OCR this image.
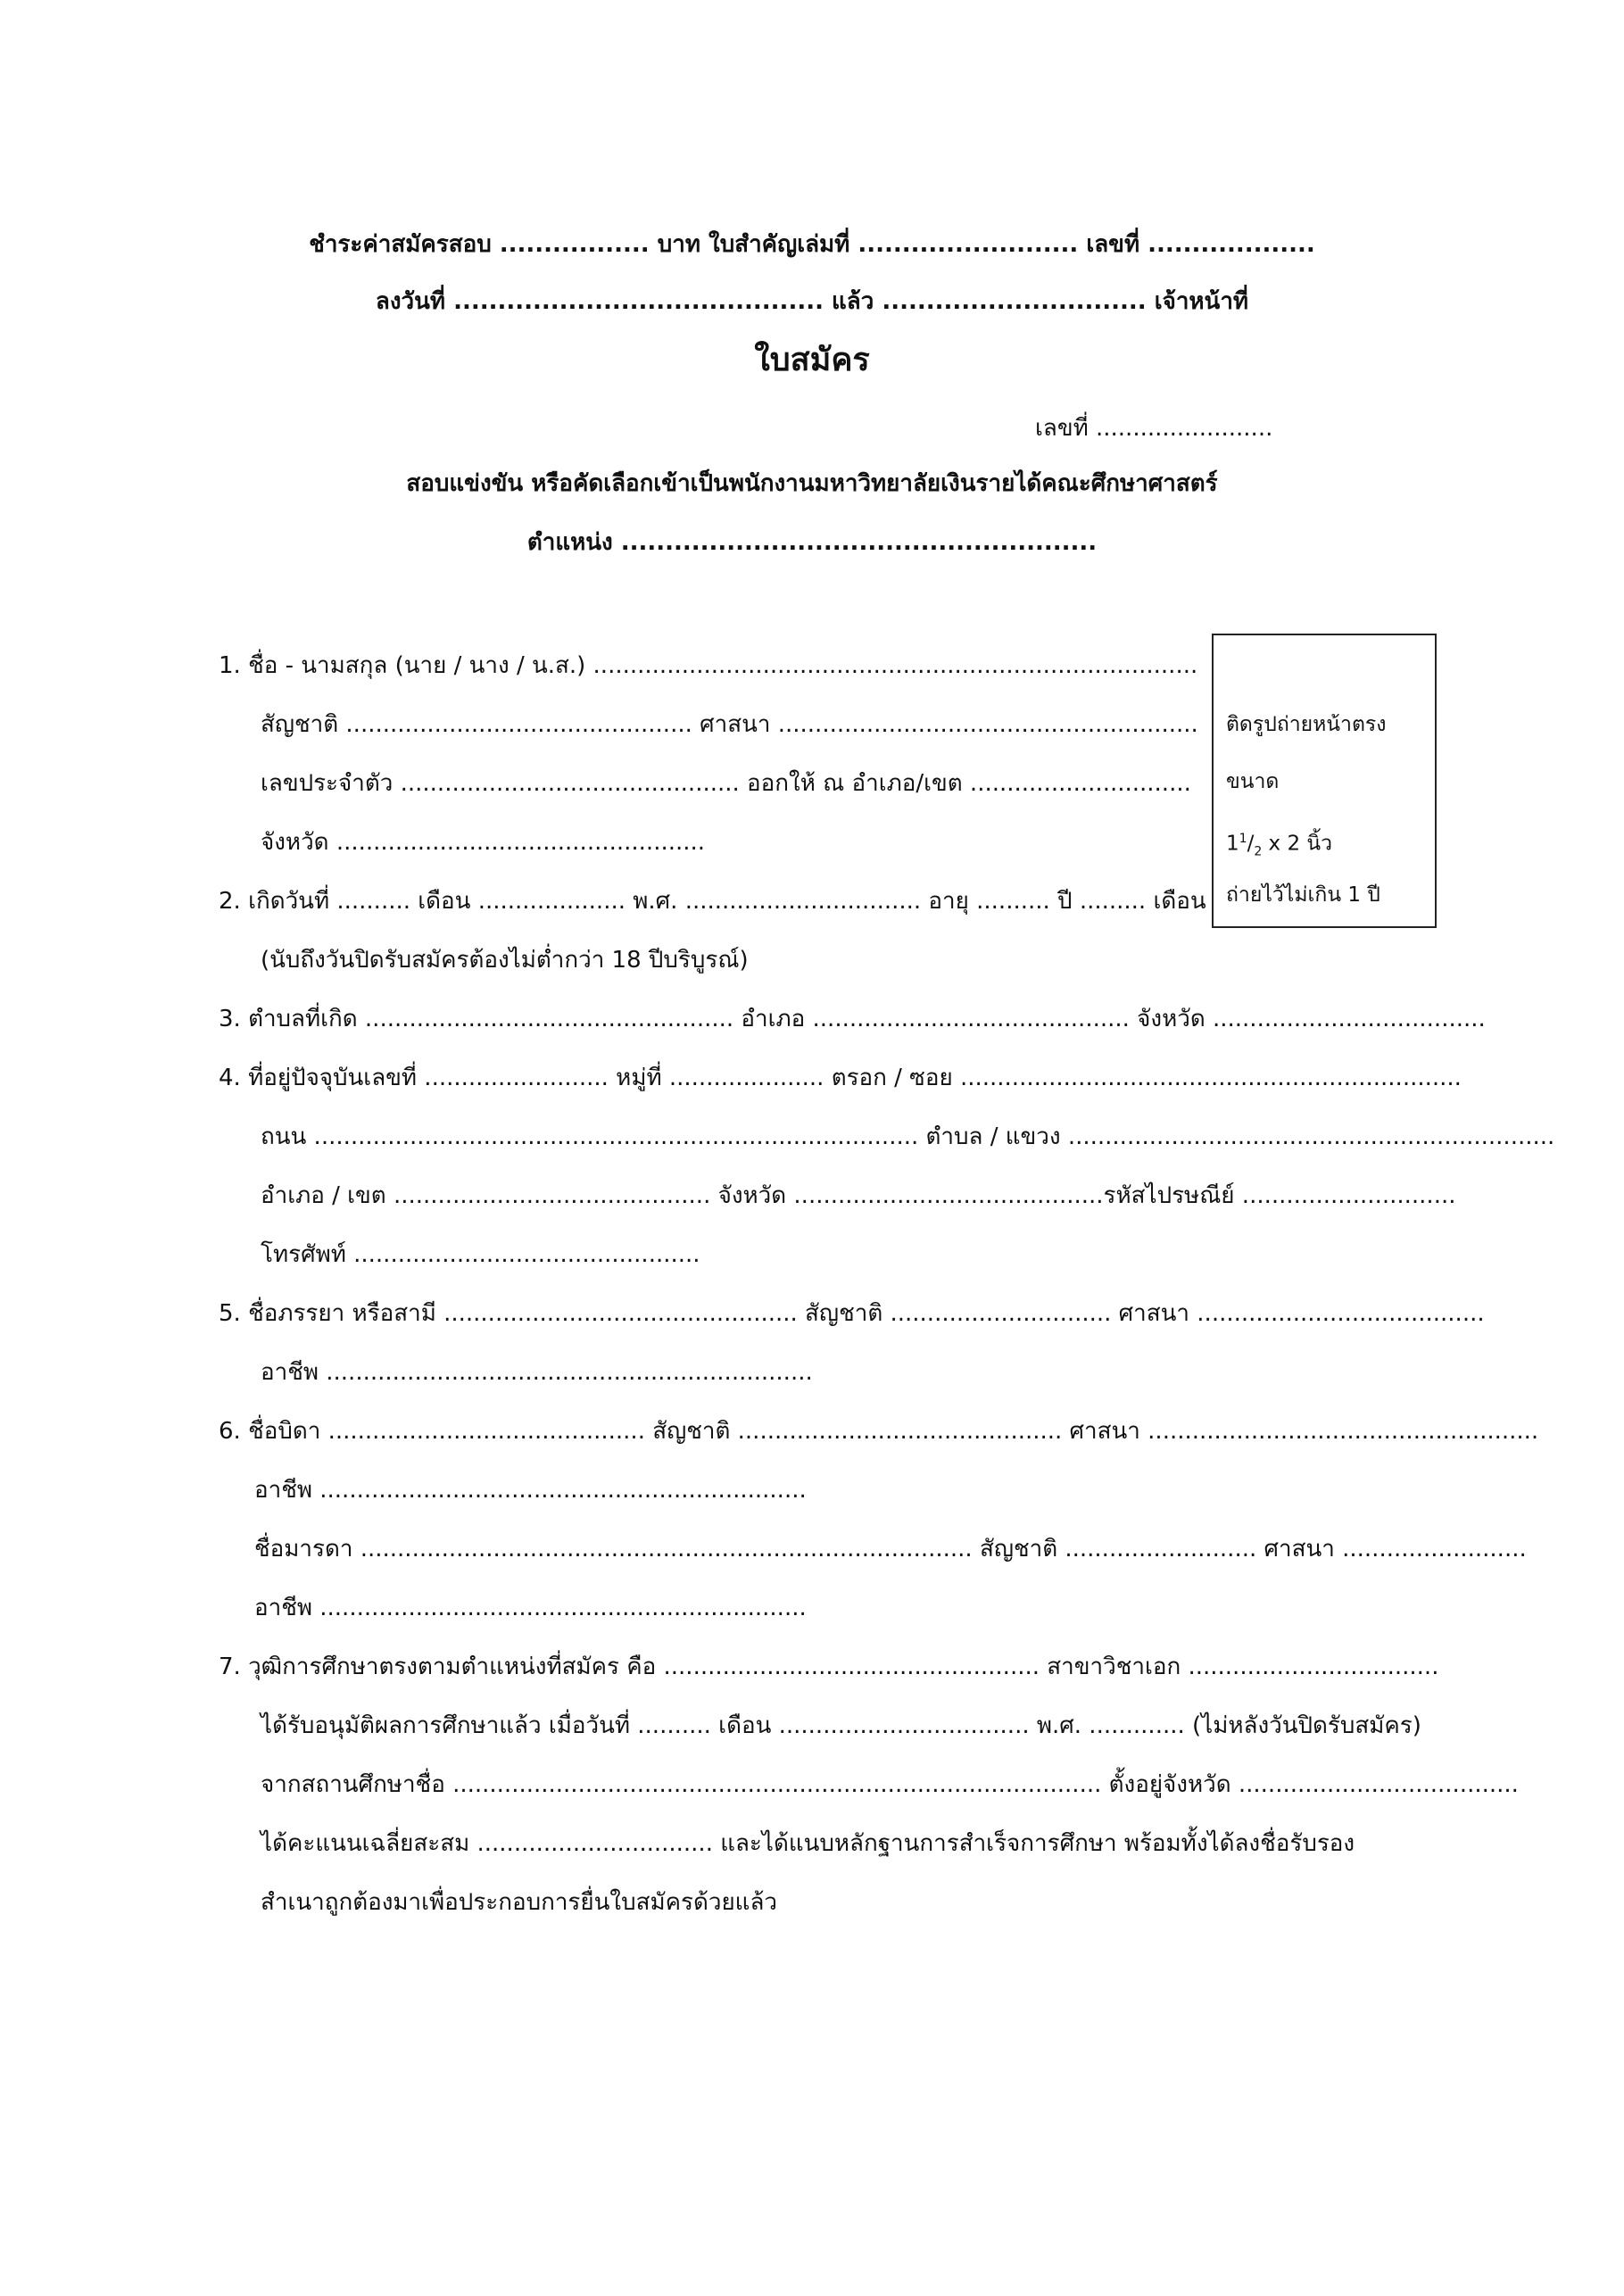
ชำระค่าสมัครสอบ ................. บาท ใบสำคัญเล่มที่ ......................... เลขที่ ...................
ลงวันที่ .......................................... แล้ว .............................. เจ้าหน้าที่
ใบสมัคร
เลขที่ ........................
สอบแข่งขัน หรือคัดเลือกเข้าเป็นพนักงานมหาวิทยาลัยเงินรายได้คณะศึกษาศาสตร์
ตำแหน่ง ......................................................
ติดรูปถ่ายหน้าตรง
ขนาด
$1^1/_2$ x 2 นิ้ว
ถ่ายไว้ไม่เกิน 1 ปี
1. ชื่อ - นามสกุล (นาย / นาง / น.ส.) ..................................................................................
สัญชาติ ............................................... ศาสนา .........................................................
เลขประจำตัว .............................................. ออกให้ ณ อำเภอ/เขต ..............................
จังหวัด ..................................................
2. เกิดวันที่ .......... เดือน .................... พ.ศ. ................................ อายุ .......... ปี ......... เดือน
(นับถึงวันปิดรับสมัครต้องไม่ต่ำกว่า 18 ปีบริบูรณ์)
3. ตำบลที่เกิด .................................................. อำเภอ ........................................... จังหวัด .....................................
4. ที่อยู่ปัจจุบันเลขที่ ......................... หมู่ที่ ..................... ตรอก / ซอย ....................................................................
ถนน .................................................................................. ตำบล / แขวง ..................................................................
อำเภอ / เขต ........................................... จังหวัด ..........................................รหัสไปรษณีย์ .............................
โทรศัพท์ ...............................................
5. ชื่อภรรยา หรือสามี ................................................ สัญชาติ .............................. ศาสนา .......................................
อาชีพ ..................................................................
6. ชื่อบิดา ........................................... สัญชาติ ............................................ ศาสนา .....................................................
อาชีพ ..................................................................
ชื่อมารดา ................................................................................... สัญชาติ .......................... ศาสนา .........................
อาชีพ ..................................................................
7. วุฒิการศึกษาตรงตามตำแหน่งที่สมัคร คือ ................................................... สาขาวิชาเอก ..................................
ได้รับอนุมัติผลการศึกษาแล้ว เมื่อวันที่ .......... เดือน .................................. พ.ศ. ............. (ไม่หลังวันปิดรับสมัคร)
จากสถานศึกษาชื่อ ........................................................................................ ตั้งอยู่จังหวัด ......................................
ได้คะแนนเฉลี่ยสะสม ................................ และได้แนบหลักฐานการสำเร็จการศึกษา พร้อมทั้งได้ลงชื่อรับรอง
สำเนาถูกต้องมาเพื่อประกอบการยื่นใบสมัครด้วยแล้ว
